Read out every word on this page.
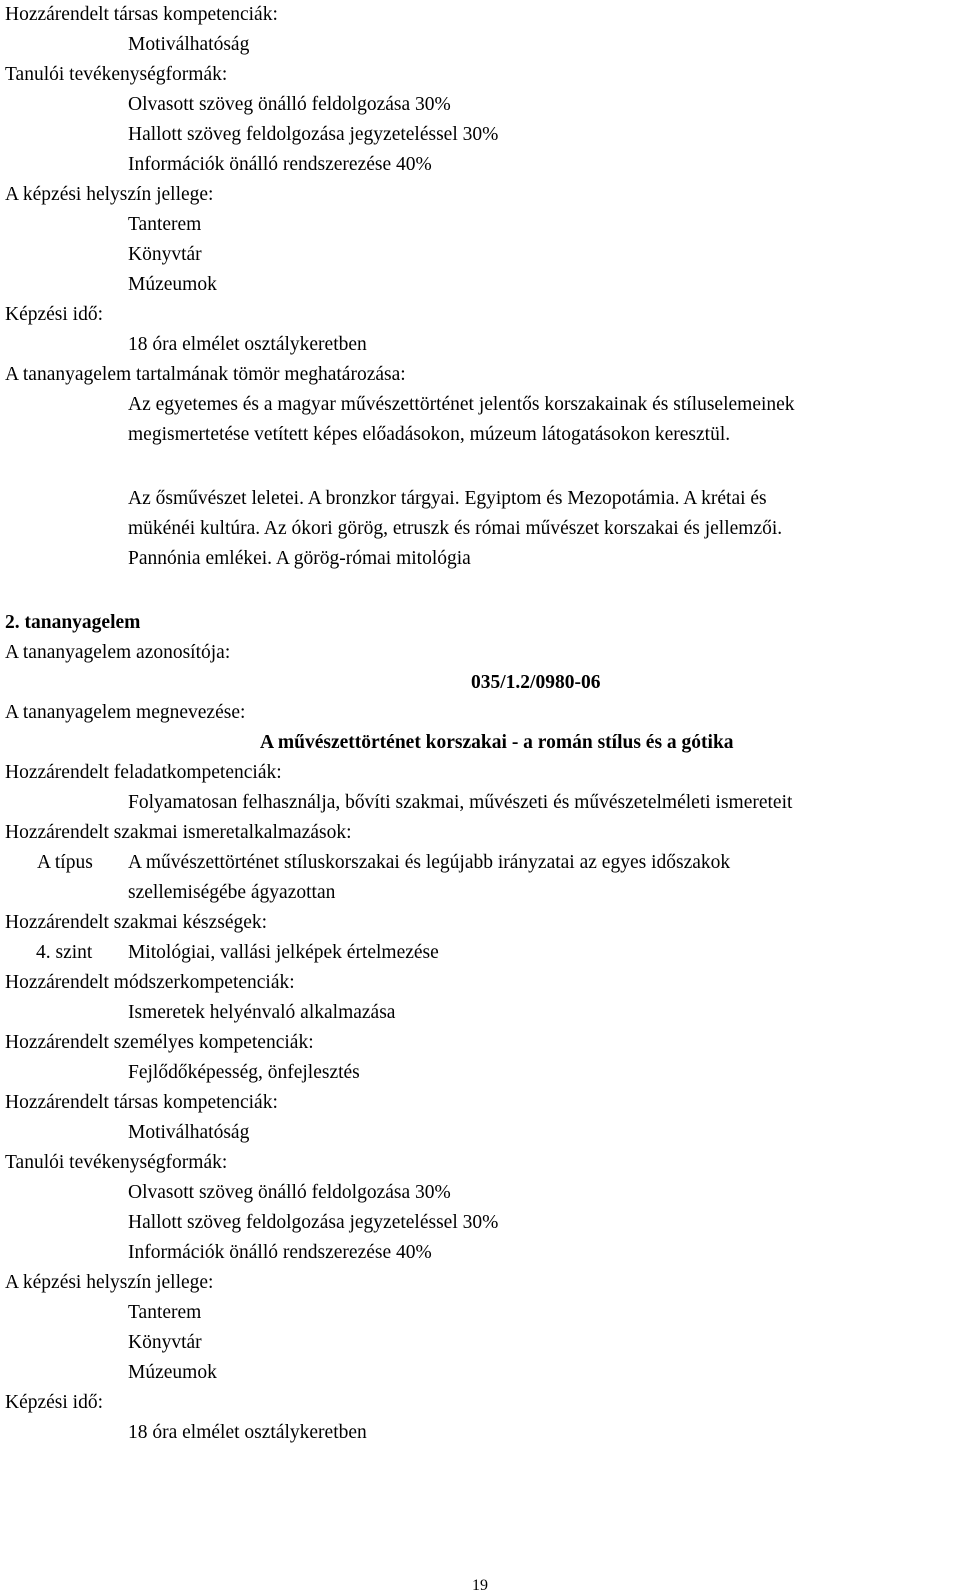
Hozzárendelt társas kompetenciák:
Motiválhatóság
Tanulói tevékenységformák:
Olvasott szöveg önálló feldolgozása 30%
Hallott szöveg feldolgozása jegyzeteléssel 30%
Információk önálló rendszerezése 40%
A képzési helyszín jellege:
Tanterem
Könyvtár
Múzeumok
Képzési idő:
18 óra elmélet osztálykeretben
A tananyagelem tartalmának tömör meghatározása:
Az egyetemes és a magyar művészettörténet jelentős korszakainak és stíluselemeinek
megismertetése vetített képes előadásokon, múzeum látogatásokon keresztül.
Az ősművészet leletei. A bronzkor tárgyai. Egyiptom és Mezopotámia. A krétai és
mükénéi kultúra. Az ókori görög, etruszk és római művészet korszakai és jellemzői.
Pannónia emlékei. A görög-római mitológia
2. tananyagelem
A tananyagelem azonosítója:
035/1.2/0980-06
A tananyagelem megnevezése:
A művészettörténet korszakai - a román stílus és a gótika
Hozzárendelt feladatkompetenciák:
Folyamatosan felhasználja, bővíti szakmai, művészeti és művészetelméleti ismereteit
Hozzárendelt szakmai ismeretalkalmazások:
A típus	A művészettörténet stíluskorszakai és legújabb irányzatai az egyes időszakok
szellemiségébe ágyazottan
Hozzárendelt szakmai készségek:
4. szint	Mitológiai, vallási jelképek értelmezése
Hozzárendelt módszerkompetenciák:
Ismeretek helyénvaló alkalmazása
Hozzárendelt személyes kompetenciák:
Fejlődőképesség, önfejlesztés
Hozzárendelt társas kompetenciák:
Motiválhatóság
Tanulói tevékenységformák:
Olvasott szöveg önálló feldolgozása 30%
Hallott szöveg feldolgozása jegyzeteléssel 30%
Információk önálló rendszerezése 40%
A képzési helyszín jellege:
Tanterem
Könyvtár
Múzeumok
Képzési idő:
18 óra elmélet osztálykeretben
19
